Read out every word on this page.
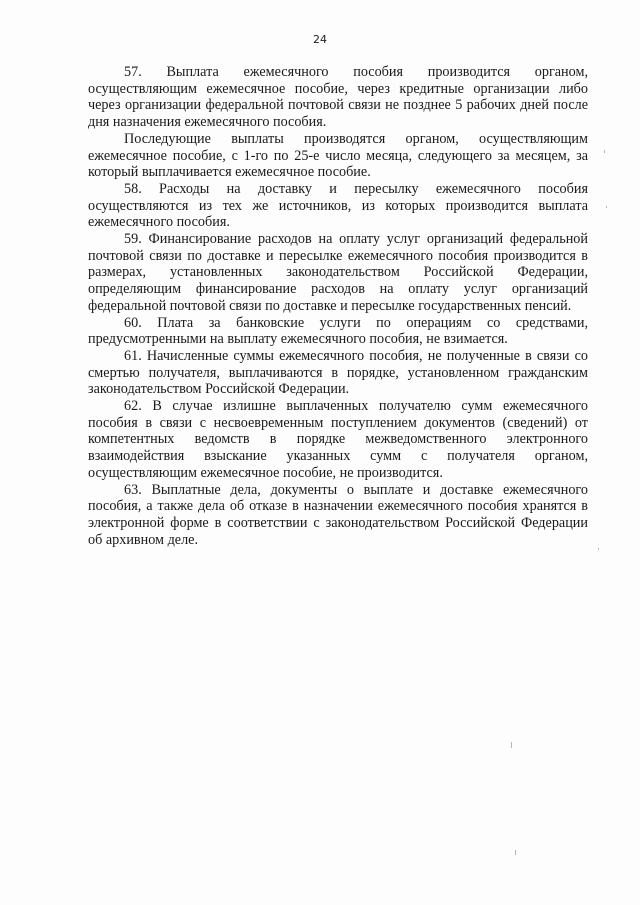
24

57. Выплата ежемесячного пособия производится органом, осуществляющим ежемесячное пособие, через кредитные организации либо через организации федеральной почтовой связи не позднее 5 рабочих дней после дня назначения ежемесячного пособия.

Последующие выплаты производятся органом, осуществляющим ежемесячное пособие, с 1-го по 25-е число месяца, следующего за месяцем, за который выплачивается ежемесячное пособие.

58. Расходы на доставку и пересылку ежемесячного пособия осуществляются из тех же источников, из которых производится выплата ежемесячного пособия.

59. Финансирование расходов на оплату услуг организаций федеральной почтовой связи по доставке и пересылке ежемесячного пособия производится в размерах, установленных законодательством Российской Федерации, определяющим финансирование расходов на оплату услуг организаций федеральной почтовой связи по доставке и пересылке государственных пенсий.

60. Плата за банковские услуги по операциям со средствами, предусмотренными на выплату ежемесячного пособия, не взимается.

61. Начисленные суммы ежемесячного пособия, не полученные в связи со смертью получателя, выплачиваются в порядке, установленном гражданским законодательством Российской Федерации.

62. В случае излишне выплаченных получателю сумм ежемесячного пособия в связи с несвоевременным поступлением документов (сведений) от компетентных ведомств в порядке межведомственного электронного взаимодействия взыскание указанных сумм с получателя органом, осуществляющим ежемесячное пособие, не производится.

63. Выплатные дела, документы о выплате и доставке ежемесячного пособия, а также дела об отказе в назначении ежемесячного пособия хранятся в электронной форме в соответствии с законодательством Российской Федерации об архивном деле.
